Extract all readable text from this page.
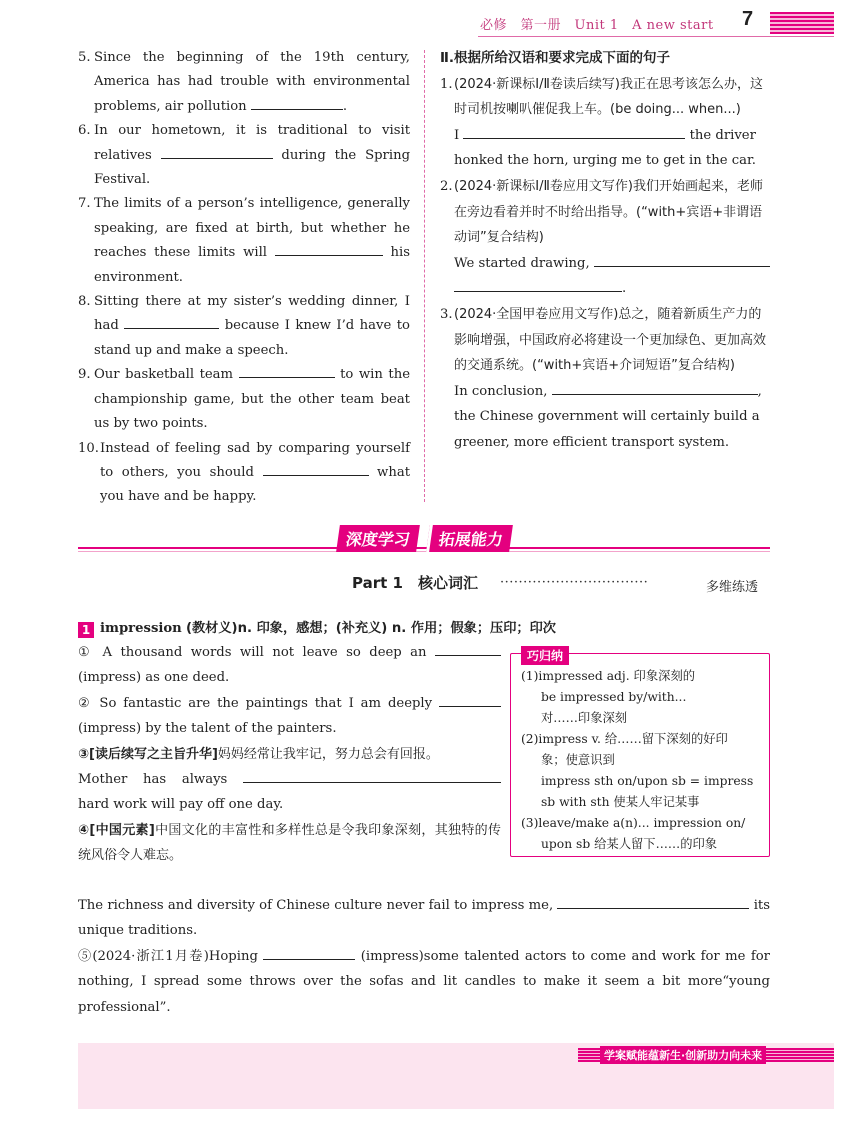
必修　第一册　Unit 1　A new start 7
5. Since the beginning of the 19th century, America has had trouble with environmental problems, air pollution	.
6. In our hometown, it is traditional to visit relatives	during the Spring Festival.
7. The limits of a person’s intelligence, generally speaking, are fixed at birth, but whether he reaches these limits will	his environment.
8. Sitting there at my sister’s wedding dinner, I had	because I knew I’d have to stand up and make a speech.
9. Our basketball team	to win the championship game, but the other team beat us by two points.
10. Instead of feeling sad by comparing yourself to others, you should	what you have and be happy.
Ⅱ.根据所给汉语和要求完成下面的句子
1. (2024·新课标Ⅰ/Ⅱ卷读后续写)我正在思考该怎么办，这时司机按喇叭催促我上车。(be doing... when...)
I	the driver honked the horn, urging me to get in the car.
2. (2024·新课标Ⅰ/Ⅱ卷应用文写作)我们开始画起来，老师在旁边看着并时不时给出指导。(“with+宾语+非谓语动词”复合结构)
We started drawing,
.
3. (2024·全国甲卷应用文写作)总之，随着新质生产力的影响增强，中国政府必将建设一个更加绿色、更加高效的交通系统。(“with+宾语+介词短语”复合结构)
In conclusion,	, the Chinese government will certainly build a greener, more efficient transport system.
深度学习	拓展能力
Part 1　核心词汇 ································	多维练透
1 impression (教材义)n. 印象，感想；(补充义) n. 作用；假象；压印；印次
① A thousand words will not leave so deep an  (impress) as one deed.
② So fantastic are the paintings that I am deeply  (impress) by the talent of the painters.
③[读后续写之主旨升华]妈妈经常让我牢记，努力总会有回报。
Mother has always  hard work will pay off one day.
④[中国元素]中国文化的丰富性和多样性总是令我印象深刻，其独特的传统风俗令人难忘。
The richness and diversity of Chinese culture never fail to impress me,	its unique traditions.
⑤(2024·浙江1月卷)Hoping	(impress)some talented actors to come and work for me for nothing, I spread some throws over the sofas and lit candles to make it seem a bit more“young professional”.
巧归纳
(1)impressed adj. 印象深刻的
be impressed by/with...
对……印象深刻
(2)impress v. 给……留下深刻的好印
象；使意识到
impress sth on/upon sb = impress
sb with sth 使某人牢记某事
(3)leave/make a(n)... impression on/
upon sb 给某人留下……的印象
学案赋能蕴新生·创新助力向未来
